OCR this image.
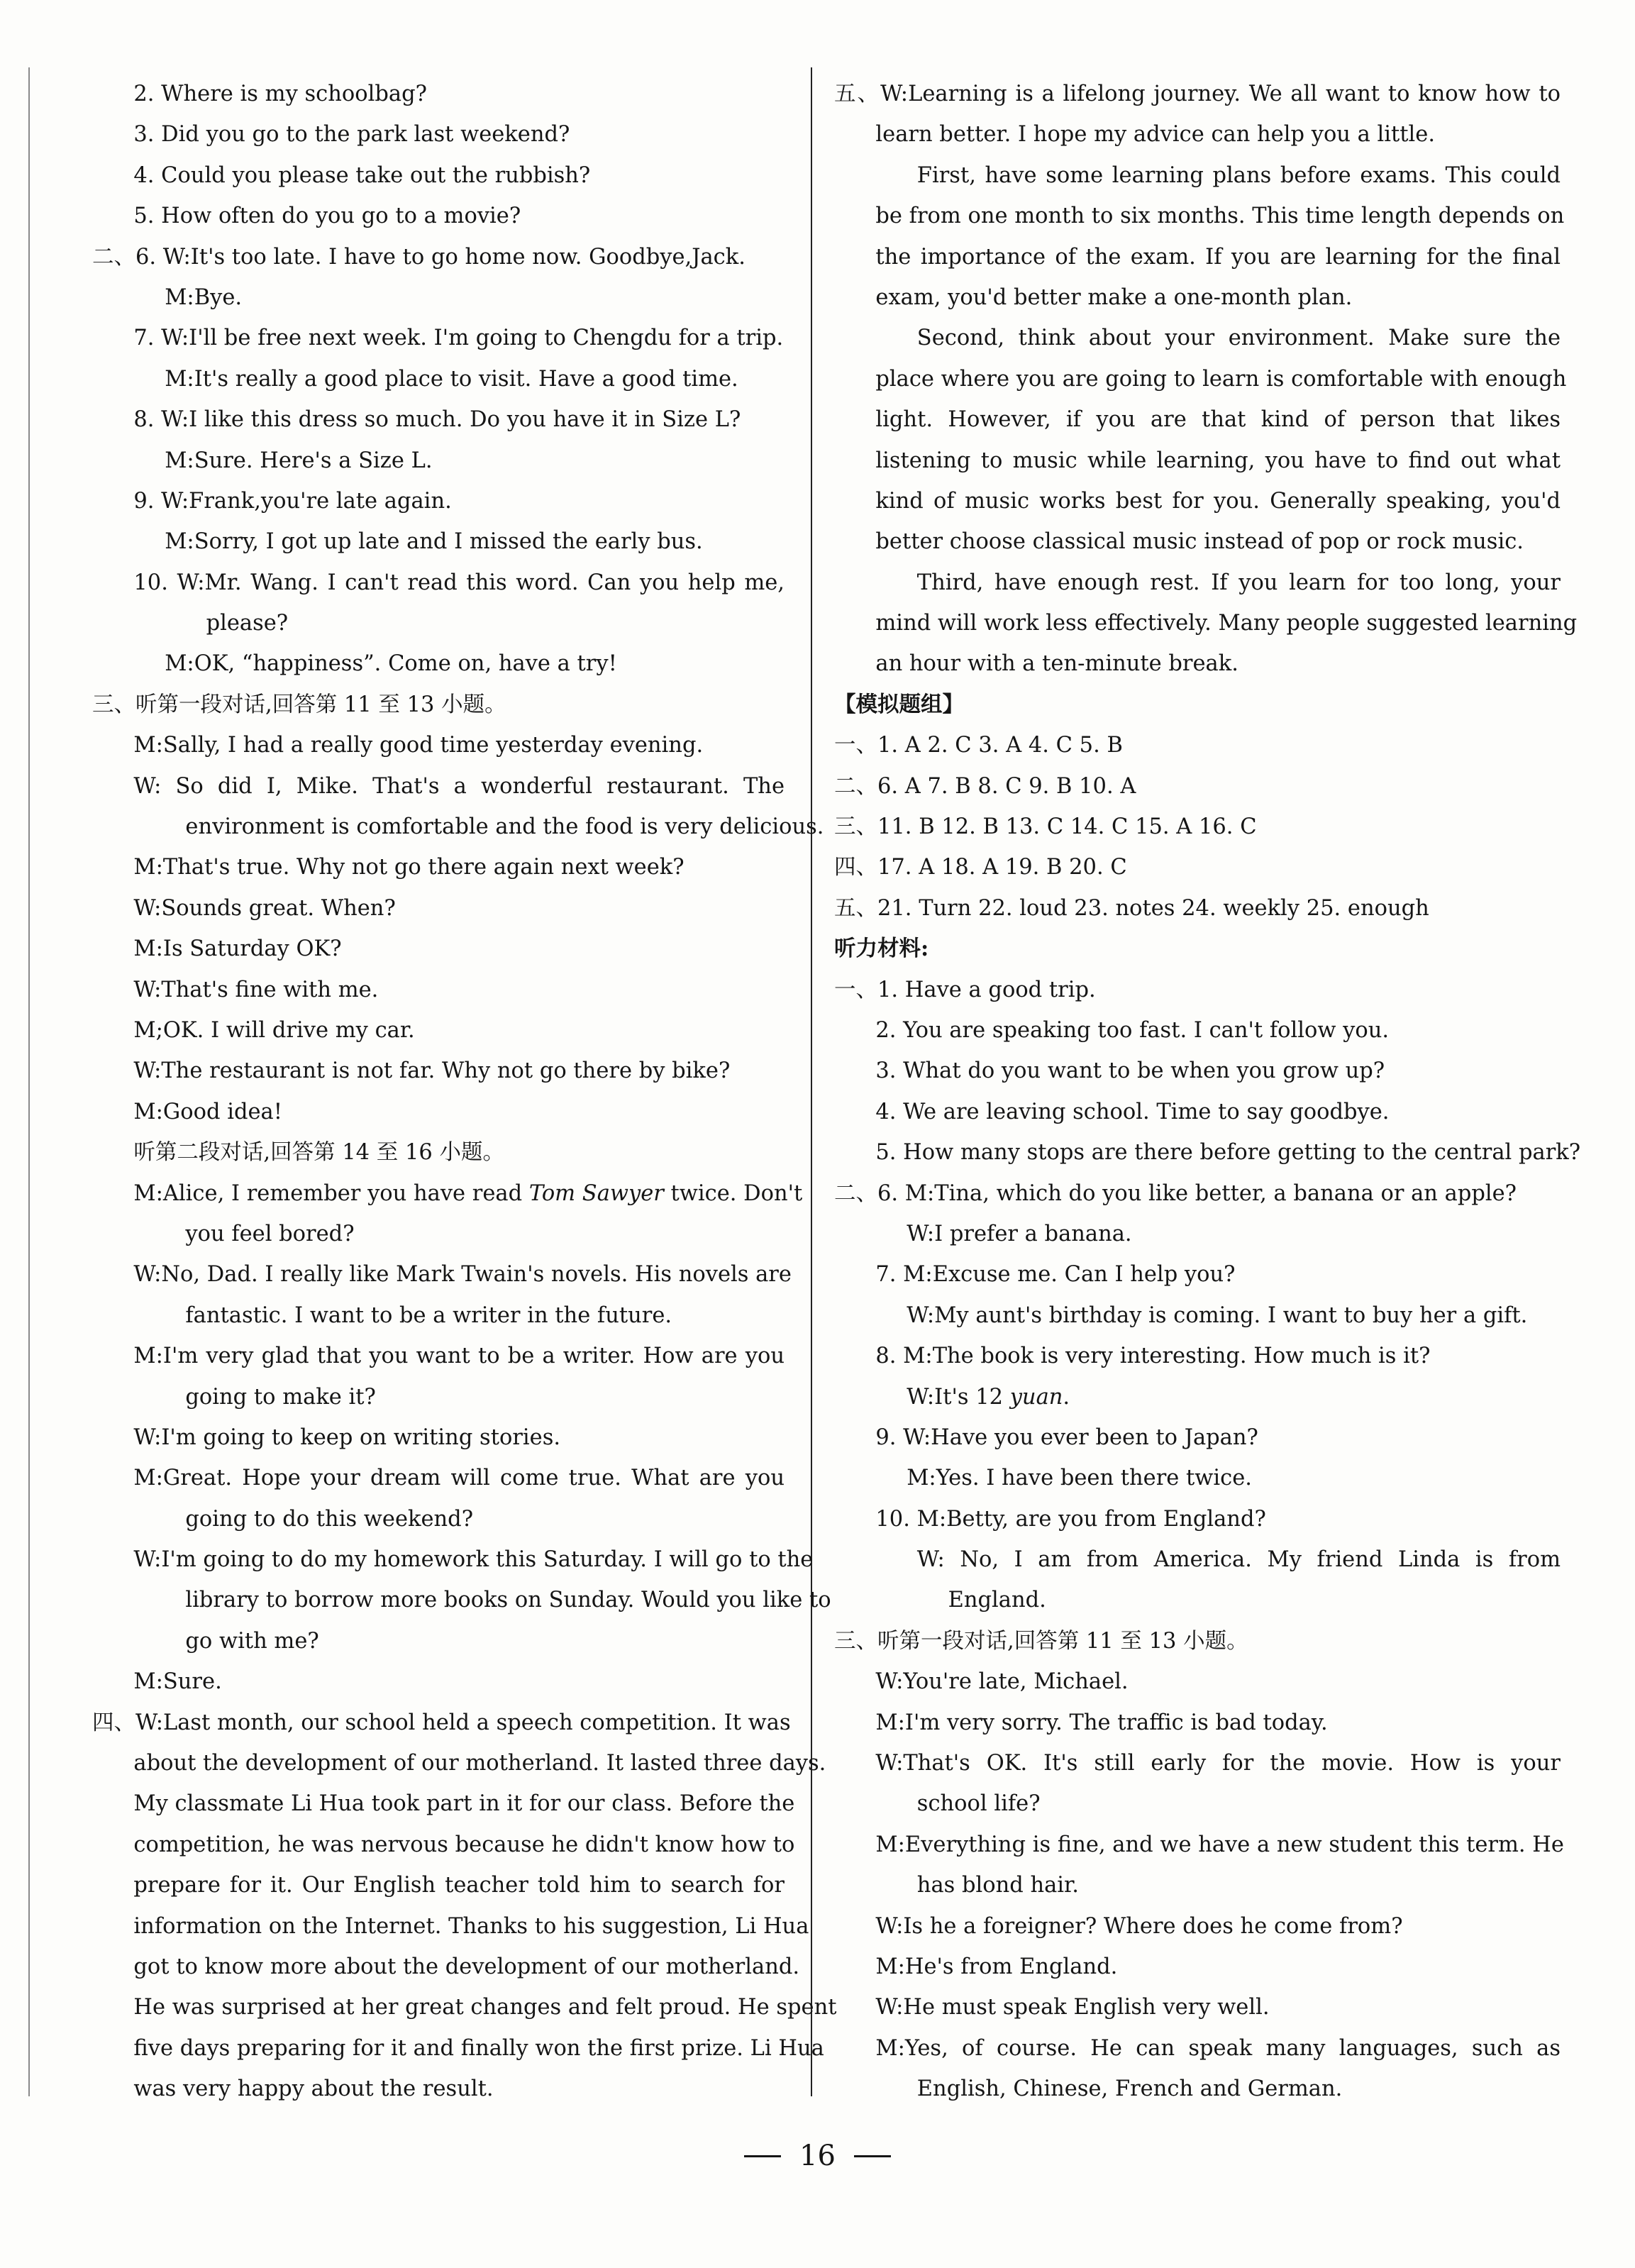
2. Where is my schoolbag?
3. Did you go to the park last weekend?
4. Could you please take out the rubbish?
5. How often do you go to a movie?
二、6. W:It's too late. I have to go home now. Goodbye,Jack.
M:Bye.
7. W:I'll be free next week. I'm going to Chengdu for a trip.
M:It's really a good place to visit. Have a good time.
8. W:I like this dress so much. Do you have it in Size L?
M:Sure. Here's a Size L.
9. W:Frank,you're late again.
M:Sorry, I got up late and I missed the early bus.
10. W:Mr. Wang. I can't read this word. Can you help me,
please?
M:OK, “happiness”. Come on, have a try!
三、听第一段对话,回答第 11 至 13 小题。
M:Sally, I had a really good time yesterday evening.
W: So did I, Mike. That's a wonderful restaurant. The
environment is comfortable and the food is very delicious.
M:That's true. Why not go there again next week?
W:Sounds great. When?
M:Is Saturday OK?
W:That's fine with me.
M;OK. I will drive my car.
W:The restaurant is not far. Why not go there by bike?
M:Good idea!
听第二段对话,回答第 14 至 16 小题。
M:Alice, I remember you have read Tom Sawyer twice. Don't
you feel bored?
W:No, Dad. I really like Mark Twain's novels. His novels are
fantastic. I want to be a writer in the future.
M:I'm very glad that you want to be a writer. How are you
going to make it?
W:I'm going to keep on writing stories.
M:Great. Hope your dream will come true. What are you
going to do this weekend?
W:I'm going to do my homework this Saturday. I will go to the
library to borrow more books on Sunday. Would you like to
go with me?
M:Sure.
四、W:Last month, our school held a speech competition. It was
about the development of our motherland. It lasted three days.
My classmate Li Hua took part in it for our class. Before the
competition, he was nervous because he didn't know how to
prepare for it. Our English teacher told him to search for
information on the Internet. Thanks to his suggestion, Li Hua
got to know more about the development of our motherland.
He was surprised at her great changes and felt proud. He spent
five days preparing for it and finally won the first prize. Li Hua
was very happy about the result.
五、W:Learning is a lifelong journey. We all want to know how to
learn better. I hope my advice can help you a little.
First, have some learning plans before exams. This could
be from one month to six months. This time length depends on
the importance of the exam. If you are learning for the final
exam, you'd better make a one-month plan.
Second, think about your environment. Make sure the
place where you are going to learn is comfortable with enough
light. However, if you are that kind of person that likes
listening to music while learning, you have to find out what
kind of music works best for you. Generally speaking, you'd
better choose classical music instead of pop or rock music.
Third, have enough rest. If you learn for too long, your
mind will work less effectively. Many people suggested learning
an hour with a ten-minute break.
【模拟题组】
一、1. A 2. C 3. A 4. C 5. B
二、6. A 7. B 8. C 9. B 10. A
三、11. B 12. B 13. C 14. C 15. A 16. C
四、17. A 18. A 19. B 20. C
五、21. Turn 22. loud 23. notes 24. weekly 25. enough
听力材料:
一、1. Have a good trip.
2. You are speaking too fast. I can't follow you.
3. What do you want to be when you grow up?
4. We are leaving school. Time to say goodbye.
5. How many stops are there before getting to the central park?
二、6. M:Tina, which do you like better, a banana or an apple?
W:I prefer a banana.
7. M:Excuse me. Can I help you?
W:My aunt's birthday is coming. I want to buy her a gift.
8. M:The book is very interesting. How much is it?
W:It's 12 yuan.
9. W:Have you ever been to Japan?
M:Yes. I have been there twice.
10. M:Betty, are you from England?
W: No, I am from America. My friend Linda is from
England.
三、听第一段对话,回答第 11 至 13 小题。
W:You're late, Michael.
M:I'm very sorry. The traffic is bad today.
W:That's OK. It's still early for the movie. How is your
school life?
M:Everything is fine, and we have a new student this term. He
has blond hair.
W:Is he a foreigner? Where does he come from?
M:He's from England.
W:He must speak English very well.
M:Yes, of course. He can speak many languages, such as
English, Chinese, French and German.
16
